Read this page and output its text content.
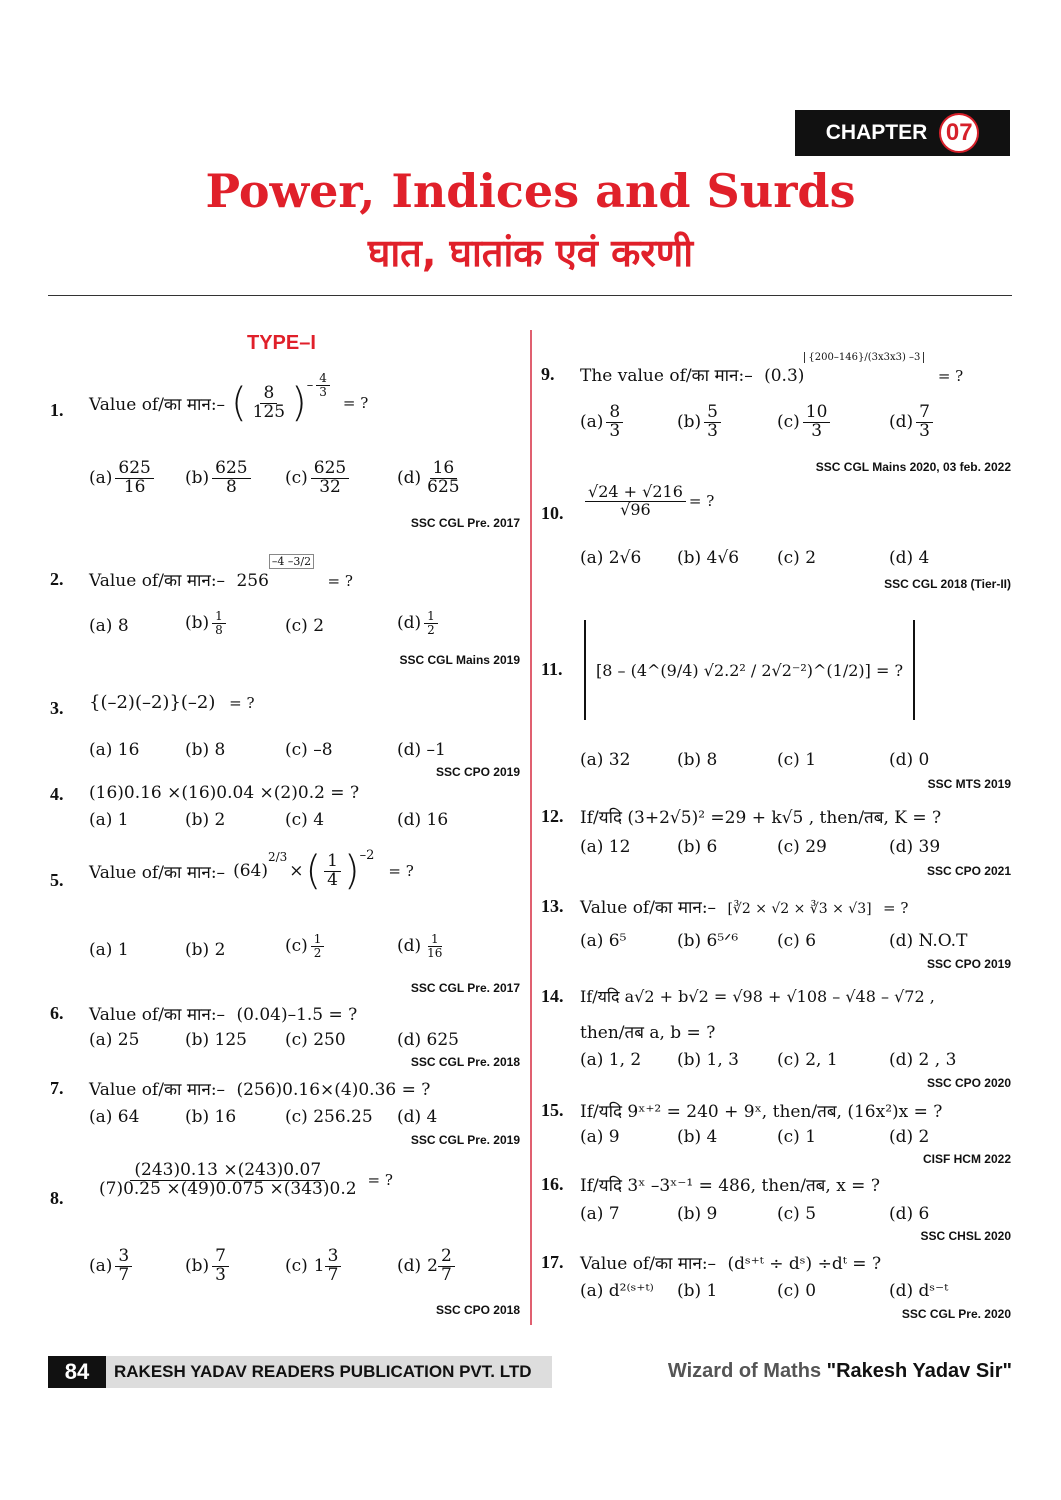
CHAPTER 07
Power, Indices and Surds
घात, घातांक एवं करणी
TYPE–I
1. Value of/का मान:– ( $\frac{8}{125}$ ) – $\frac{4}{3}$
= ?
$(a) \frac{625}{16} (b) \frac{625}{8} (c) \frac{625}{32}$	$(d) \frac{16}{625}$
SSC CGL Pre. 2017
2. Value of/का मान:– $256^{-4 -3/2}$ = ?
(a) 8	$(b) \frac{1}{8}$	(c) 2	$(d) \frac{1}{2}$
SSC CGL Mains 2019
3. {(–2)(–2)}(–2) = ?
(a) 16	(b) 8	(c) –8	(d) –1
SSC CPO 2019
4. (16)0.16 ×(16)0.04 ×(2)0.2 = ?
(a) 1	(b) 2	(c) 4	(d) 16
5. Value of/का मान:– (64)
2/3
× ( $\frac{1}{4}$ ) –2
= ?
(a) 1	(b) 2	$(c) \frac{1}{2}$	$(d) \frac{1}{16}$
SSC CGL Pre. 2017
6. Value of/का मान:– (0.04)–1.5 = ?
(a) 25	(b) 125	(c) 250	(d) 625
SSC CGL Pre. 2018
7. Value of/का मान:– (256)0.16×(4)0.36 = ?
(a) 64	(b) 16	(c) 256.25	(d) 4
SSC CGL Pre. 2019
8. $\frac{(243)0.13 \times(243)0.07}{(7)0.25 \times(49)0.075 \times(343)0.2}$ = ?
$(a) \frac{3}{7}$	$(b) \frac{7}{3}$	(c) $1 \frac{3}{7}$	(d) $2 \frac{2}{7}$
SSC CPO 2018
9. The value of/का मान:– $(0.3)^{\{200-146\}/(3x3x3) -3}$ = ?
$(a) \frac{8}{3}$	$(b) \frac{5}{3}$	$(c) \frac{10}{3}$	$(d) \frac{7}{3}$
SSC CGL Mains 2020, 03 feb. 2022
10. $\frac{√24 + √216}{√96}$ = ?
(a) 2√6	(b) 4√6	(c) 2	(d) 4
SSC CGL 2018 (Tier-II)
11. [8 – (4^(9/4) √2.2² / 2√2⁻²)^(1/2)] = ?
(a) 32	(b) 8	(c) 1	(d) 0
SSC MTS 2019
12. If/यदि (3+2√5)² =29 + k√5 , then/तब, K = ?
(a) 12	(b) 6	(c) 29	(d) 39
SSC CPO 2021
13. Value of/का मान:– [∛2 × √2 × ∛3 × √3] = ?
(a) 6⁵	(b) 6⁵ᐟ⁶	(c) 6	(d) N.O.T
SSC CPO 2019
14. If/यदि a√2 + b√2 = √98 + √108 – √48 – √72 ,
then/तब a, b = ?
(a) 1, 2	(b) 1, 3	(c) 2, 1	(d) 2 , 3
SSC CPO 2020
15. If/यदि 9ˣ⁺² = 240 + 9ˣ, then/तब, (16x²)x = ?
(a) 9	(b) 4	(c) 1	(d) 2
CISF HCM 2022
16. If/यदि 3ˣ –3ˣ⁻¹ = 486, then/तब, x = ?
(a) 7	(b) 9	(c) 5	(d) 6
SSC CHSL 2020
17. Value of/का मान:– (dˢ⁺ᵗ ÷ dˢ) ÷dᵗ = ?
(a) d²⁽ˢ⁺ᵗ⁾	(b) 1	(c) 0	(d) dˢ⁻ᵗ
SSC CGL Pre. 2020
84	RAKESH YADAV READERS PUBLICATION PVT. LTD	Wizard of Maths "Rakesh Yadav Sir"
